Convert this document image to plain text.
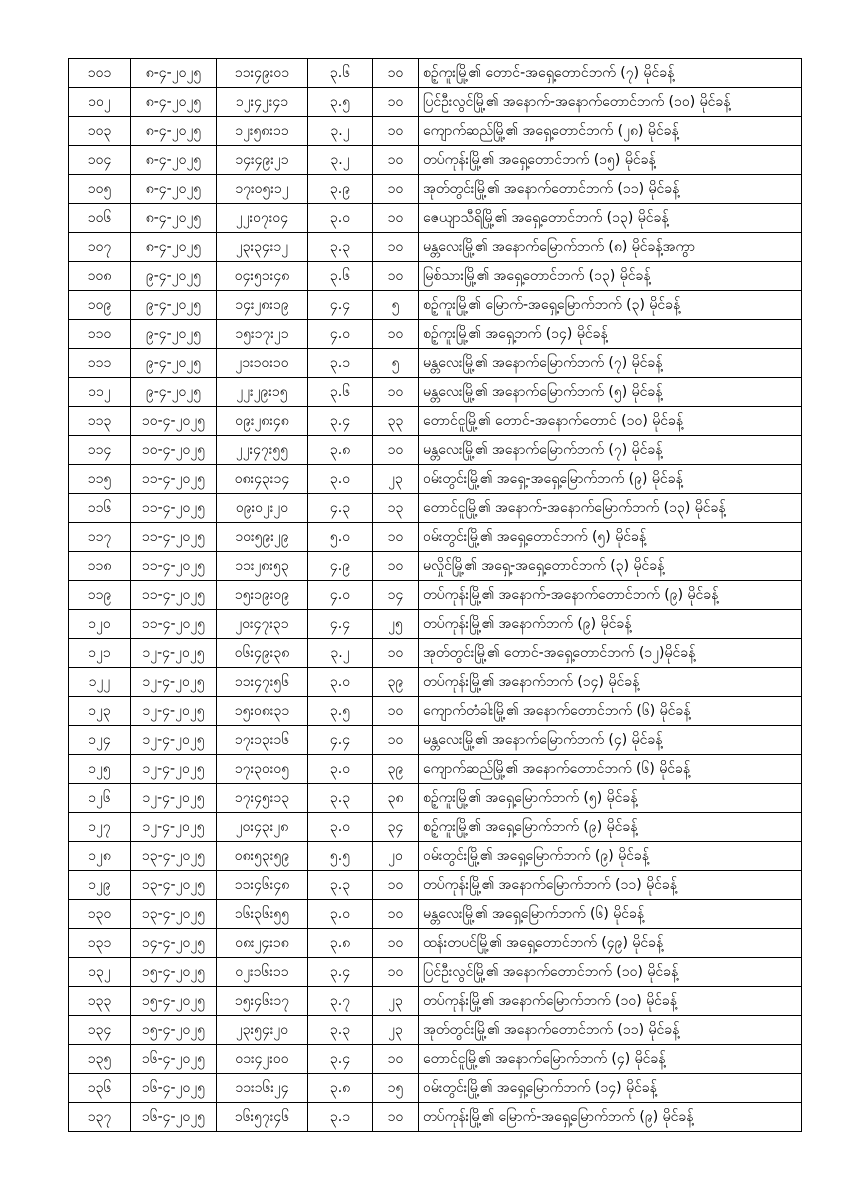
၁၀၁	၈-၄-၂၀၂၅	၁၁း၄၉း၀၁	၃.၆	၁၀	စဉ့်ကူးမြို့၏ တောင်-အရှေ့တောင်ဘက် (၇) မိုင်ခန့်
၁၀၂	၈-၄-၂၀၂၅	၁၂း၄၂း၄၁	၃.၅	၁၀	ပြင်ဦးလွင်မြို့၏ အနောက်-အနောက်တောင်ဘက် (၁၀) မိုင်ခန့်
၁၀၃	၈-၄-၂၀၂၅	၁၂း၅၈း၁၁	၃.၂	၁၀	ကျောက်ဆည်မြို့၏ အရှေ့တောင်ဘက် (၂၈) မိုင်ခန့်
၁၀၄	၈-၄-၂၀၂၅	၁၄း၄၉း၂၁	၃.၂	၁၀	တပ်ကုန်းမြို့၏ အရှေ့တောင်ဘက် (၁၅) မိုင်ခန့်
၁၀၅	၈-၄-၂၀၂၅	၁၇း၀၅း၁၂	၃.၉	၁၀	အုတ်တွင်းမြို့၏ အနောက်တောင်ဘက် (၁၁) မိုင်ခန့်
၁၀၆	၈-၄-၂၀၂၅	၂၂း၀၇း၀၄	၃.၀	၁၀	ဇေယျာသီရိမြို့၏ အရှေ့တောင်ဘက် (၁၃) မိုင်ခန့်
၁၀၇	၈-၄-၂၀၂၅	၂၃း၃၄း၁၂	၃.၃	၁၀	မန္တလေးမြို့၏ အနောက်မြောက်ဘက် (၈) မိုင်ခန့်အကွာ
၁၀၈	၉-၄-၂၀၂၅	၀၄း၅၁း၄၈	၃.၆	၁၀	မြစ်သားမြို့၏ အရှေ့တောင်ဘက် (၁၃) မိုင်ခန့်
၁၀၉	၉-၄-၂၀၂၅	၁၄း၂၈း၁၉	၄.၄	၅	စဉ့်ကူးမြို့၏ မြောက်-အရှေ့မြောက်ဘက် (၃) မိုင်ခန့်
၁၁၀	၉-၄-၂၀၂၅	၁၅း၁၇း၂၁	၄.၀	၁၀	စဉ့်ကူးမြို့၏ အရှေ့ဘက် (၁၄) မိုင်ခန့်
၁၁၁	၉-၄-၂၀၂၅	၂၁း၁၀း၁၀	၃.၁	၅	မန္တလေးမြို့၏ အနောက်မြောက်ဘက် (၇) မိုင်ခန့်
၁၁၂	၉-၄-၂၀၂၅	၂၂း၂၉း၁၅	၃.၆	၁၀	မန္တလေးမြို့၏ အနောက်မြောက်ဘက် (၅) မိုင်ခန့်
၁၁၃	၁၀-၄-၂၀၂၅	၀၉း၂၈း၄၈	၃.၄	၃၃	တောင်ငူမြို့၏ တောင်-အနောက်တောင် (၁၀) မိုင်ခန့်
၁၁၄	၁၀-၄-၂၀၂၅	၂၂း၄၇း၅၅	၃.၈	၁၀	မန္တလေးမြို့၏ အနောက်မြောက်ဘက် (၇) မိုင်ခန့်
၁၁၅	၁၁-၄-၂၀၂၅	၀၈း၄၃း၁၄	၃.၀	၂၃	ဝမ်းတွင်းမြို့၏ အရှေ့-အရှေ့မြောက်ဘက် (၉) မိုင်ခန့်
၁၁၆	၁၁-၄-၂၀၂၅	၀၉း၀၂း၂၀	၄.၃	၁၃	တောင်ငူမြို့၏ အနောက်-အနောက်မြောက်ဘက် (၁၃) မိုင်ခန့်
၁၁၇	၁၁-၄-၂၀၂၅	၁၀း၅၉း၂၉	၅.၀	၁၀	ဝမ်းတွင်းမြို့၏ အရှေ့တောင်ဘက် (၅) မိုင်ခန့်
၁၁၈	၁၁-၄-၂၀၂၅	၁၁း၂၈း၅၃	၄.၉	၁၀	မလှိုင်မြို့၏ အရှေ့-အရှေ့တောင်ဘက် (၃) မိုင်ခန့်
၁၁၉	၁၁-၄-၂၀၂၅	၁၅း၁၉း၀၉	၄.၀	၁၄	တပ်ကုန်းမြို့၏ အနောက်-အနောက်တောင်ဘက် (၉) မိုင်ခန့်
၁၂၀	၁၁-၄-၂၀၂၅	၂၀း၄၇း၃၁	၄.၄	၂၅	တပ်ကုန်းမြို့၏ အနောက်ဘက် (၉) မိုင်ခန့်
၁၂၁	၁၂-၄-၂၀၂၅	၀၆း၄၉း၃၈	၃.၂	၁၀	အုတ်တွင်းမြို့၏ တောင်-အရှေ့တောင်ဘက် (၁၂)မိုင်ခန့်
၁၂၂	၁၂-၄-၂၀၂၅	၁၁း၄၇း၅၆	၃.၀	၃၉	တပ်ကုန်းမြို့၏ အနောက်ဘက် (၁၄) မိုင်ခန့်
၁၂၃	၁၂-၄-၂၀၂၅	၁၅း၀၈း၃၁	၃.၅	၁၀	ကျောက်တံခါးမြို့၏ အနောက်တောင်ဘက် (၆) မိုင်ခန့်
၁၂၄	၁၂-၄-၂၀၂၅	၁၇း၁၃း၁၆	၄.၄	၁၀	မန္တလေးမြို့၏ အနောက်မြောက်ဘက် (၄) မိုင်ခန့်
၁၂၅	၁၂-၄-၂၀၂၅	၁၇း၃၀း၀၅	၃.၀	၃၉	ကျောက်ဆည်မြို့၏ အနောက်တောင်ဘက် (၆) မိုင်ခန့်
၁၂၆	၁၂-၄-၂၀၂၅	၁၇း၄၅း၁၃	၃.၃	၃၈	စဉ့်ကူးမြို့၏ အရှေ့မြောက်ဘက် (၅) မိုင်ခန့်
၁၂၇	၁၂-၄-၂၀၂၅	၂၀း၄၃း၂၈	၃.၀	၃၄	စဉ့်ကူးမြို့၏ အရှေ့မြောက်ဘက် (၉) မိုင်ခန့်
၁၂၈	၁၃-၄-၂၀၂၅	၀၈း၅၃း၅၉	၅.၅	၂၀	ဝမ်းတွင်းမြို့၏ အရှေ့မြောက်ဘက် (၉) မိုင်ခန့်
၁၂၉	၁၃-၄-၂၀၂၅	၁၁း၄၆း၄၈	၃.၃	၁၀	တပ်ကုန်းမြို့၏ အနောက်မြောက်ဘက် (၁၁) မိုင်ခန့်
၁၃၀	၁၃-၄-၂၀၂၅	၁၆း၃၆း၅၅	၃.၀	၁၀	မန္တလေးမြို့၏ အရှေ့မြောက်ဘက် (၆) မိုင်ခန့်
၁၃၁	၁၄-၄-၂၀၂၅	၀၈း၂၄း၁၈	၃.၈	၁၀	ထန်းတပင်မြို့၏ အရှေ့တောင်ဘက် (၄၉) မိုင်ခန့်
၁၃၂	၁၅-၄-၂၀၂၅	၀၂း၁၆း၁၁	၃.၄	၁၀	ပြင်ဦးလွင်မြို့၏ အနောက်တောင်ဘက် (၁၀) မိုင်ခန့်
၁၃၃	၁၅-၄-၂၀၂၅	၁၅း၄၆း၁၇	၃.၇	၂၃	တပ်ကုန်းမြို့၏ အနောက်မြောက်ဘက် (၁၀) မိုင်ခန့်
၁၃၄	၁၅-၄-၂၀၂၅	၂၃း၅၄း၂၀	၃.၃	၂၃	အုတ်တွင်းမြို့၏ အနောက်တောင်ဘက် (၁၁) မိုင်ခန့်
၁၃၅	၁၆-၄-၂၀၂၅	၀၁း၄၂း၀၀	၃.၄	၁၀	တောင်ငူမြို့၏ အနောက်မြောက်ဘက် (၄) မိုင်ခန့်
၁၃၆	၁၆-၄-၂၀၂၅	၁၁း၁၆း၂၄	၃.၈	၁၅	ဝမ်းတွင်းမြို့၏ အရှေ့မြောက်ဘက် (၁၄) မိုင်ခန့်
၁၃၇	၁၆-၄-၂၀၂၅	၁၆း၅၇း၄၆	၃.၁	၁၀	တပ်ကုန်းမြို့၏ မြောက်-အရှေ့မြောက်ဘက် (၉) မိုင်ခန့်
